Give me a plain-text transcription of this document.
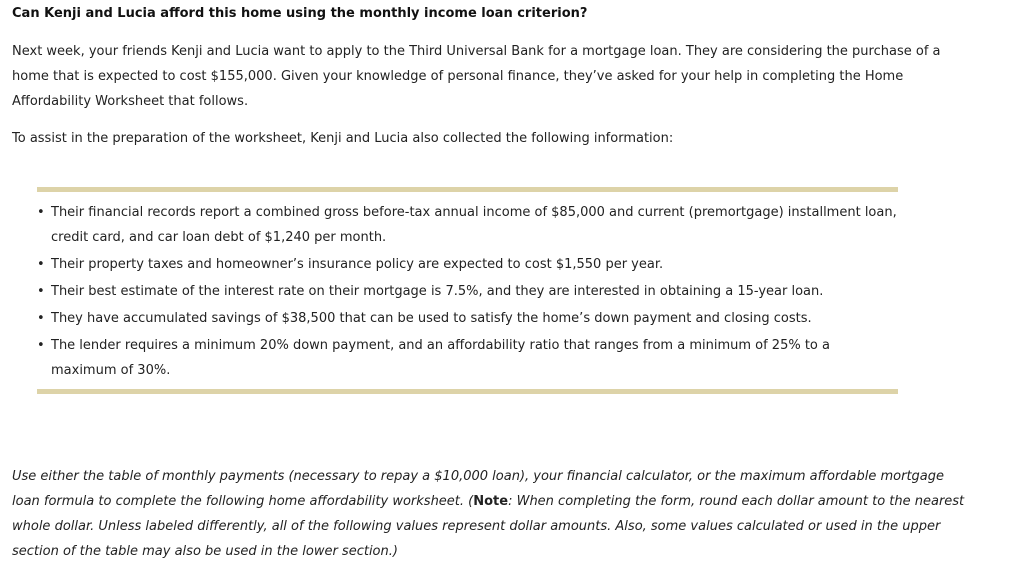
Can Kenji and Lucia afford this home using the monthly income loan criterion?
Next week, your friends Kenji and Lucia want to apply to the Third Universal Bank for a mortgage loan. They are considering the purchase of a home that is expected to cost $155,000. Given your knowledge of personal finance, they’ve asked for your help in completing the Home Affordability Worksheet that follows.
To assist in the preparation of the worksheet, Kenji and Lucia also collected the following information:
• Their financial records report a combined gross before-tax annual income of $85,000 and current (premortgage) installment loan, credit card, and car loan debt of $1,240 per month.
• Their property taxes and homeowner’s insurance policy are expected to cost $1,550 per year.
• Their best estimate of the interest rate on their mortgage is 7.5%, and they are interested in obtaining a 15-year loan.
• They have accumulated savings of $38,500 that can be used to satisfy the home’s down payment and closing costs.
• The lender requires a minimum 20% down payment, and an affordability ratio that ranges from a minimum of 25% to a maximum of 30%.
Use either the table of monthly payments (necessary to repay a $10,000 loan), your financial calculator, or the maximum affordable mortgage loan formula to complete the following home affordability worksheet. (Note: When completing the form, round each dollar amount to the nearest whole dollar. Unless labeled differently, all of the following values represent dollar amounts. Also, some values calculated or used in the upper section of the table may also be used in the lower section.)
